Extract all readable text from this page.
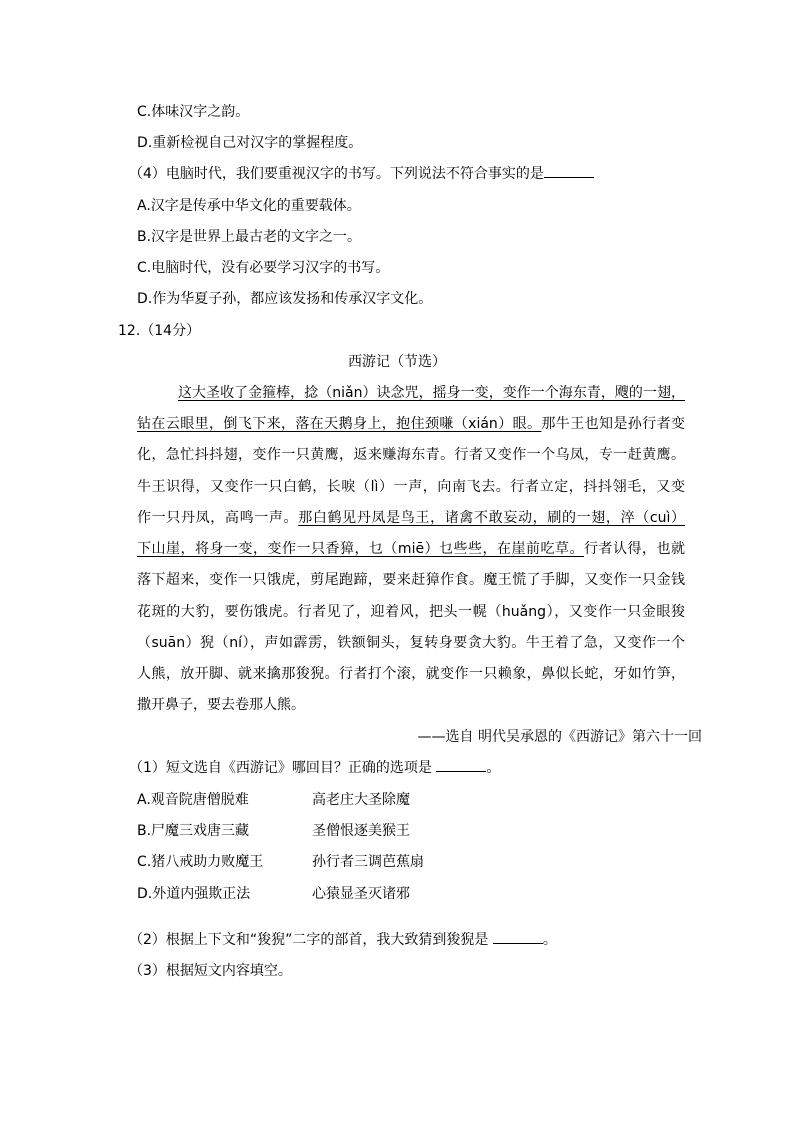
C.体味汉字之韵。
D.重新检视自己对汉字的掌握程度。
（4）电脑时代，我们要重视汉字的书写。下列说法不符合事实的是
A.汉字是传承中华文化的重要载体。
B.汉字是世界上最古老的文字之一。
C.电脑时代，没有必要学习汉字的书写。
D.作为华夏子孙，都应该发扬和传承汉字文化。
12.（14分）
西游记（节选）
这大圣收了金箍棒，捻（niǎn）诀念咒，摇身一变，变作一个海东青，飕的一翅，
钻在云眼里，倒飞下来，落在天鹅身上，抱住颈嗛（xián）眼。那牛王也知是孙行者变
化，急忙抖抖翅，变作一只黄鹰，返来赚海东青。行者又变作一个乌凤，专一赶黄鹰。
牛王识得，又变作一只白鹤，长唳（lì）一声，向南飞去。行者立定，抖抖翎毛，又变
作一只丹凤，高鸣一声。那白鹤见丹凤是鸟王，诸禽不敢妄动，刷的一翅，淬（cuì）
下山崖，将身一变，变作一只香獐，乜（miē）乜些些，在崖前吃草。行者认得，也就
落下超来，变作一只饿虎，剪尾跑蹄，要来赶獐作食。魔王慌了手脚，又变作一只金钱
花斑的大豹，要伤饿虎。行者见了，迎着风，把头一幌（huǎng），又变作一只金眼狻
（suān）猊（ní），声如霹雳，铁额铜头，复转身要贪大豹。牛王着了急，又变作一个
人熊，放开脚、就来擒那狻猊。行者打个滚，就变作一只赖象，鼻似长蛇，牙如竹笋，
撒开鼻子，要去卷那人熊。
——选自 明代吴承恩的《西游记》第六十一回
（1）短文选自《西游记》哪回目？正确的选项是	。
A.观音院唐僧脱难	高老庄大圣除魔
B.尸魔三戏唐三藏	圣僧恨逐美猴王
C.猪八戒助力败魔王	孙行者三调芭蕉扇
D.外道内强欺正法	心猿显圣灭诸邪
（2）根据上下文和“狻猊”二字的部首，我大致猜到狻猊是	。
（3）根据短文内容填空。
